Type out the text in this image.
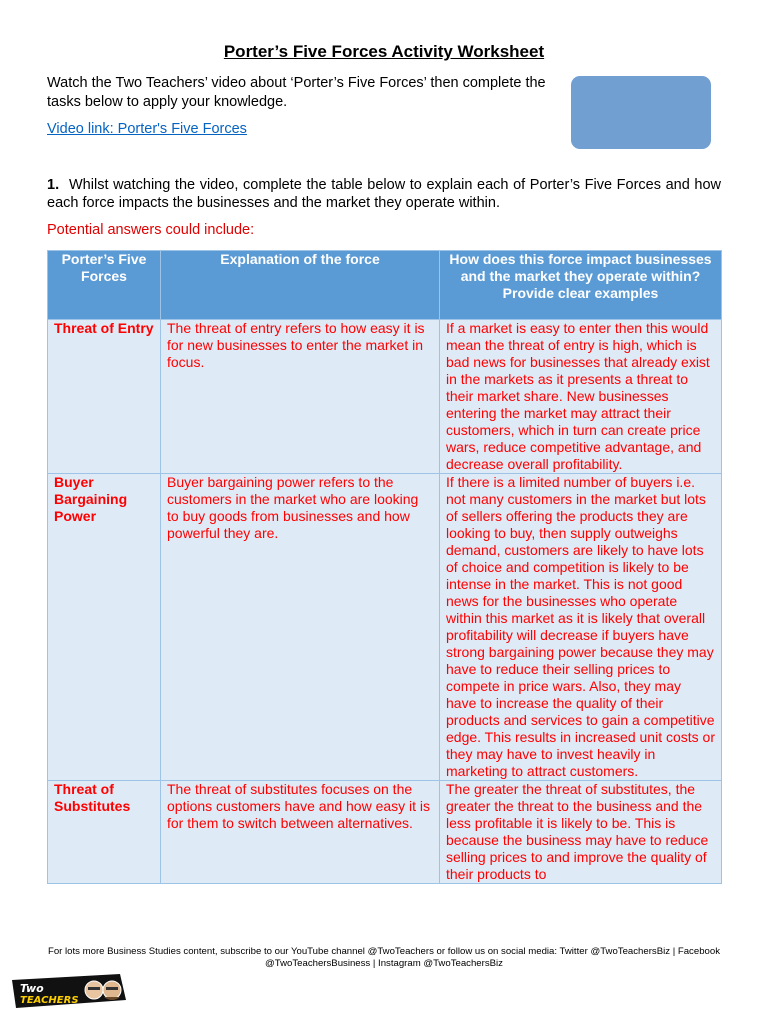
Porter’s Five Forces Activity Worksheet
Watch the Two Teachers’ video about ‘Porter’s Five Forces’ then complete the tasks below to apply your knowledge.
Video link: Porter's Five Forces
1. Whilst watching the video, complete the table below to explain each of Porter’s Five Forces and how each force impacts the businesses and the market they operate within.
Potential answers could include:
Porter’s Five Forces	Explanation of the force	How does this force impact businesses and the market they operate within? Provide clear examples
Threat of Entry	The threat of entry refers to how easy it is for new businesses to enter the market in focus.	If a market is easy to enter then this would mean the threat of entry is high, which is bad news for businesses that already exist in the markets as it presents a threat to their market share. New businesses entering the market may attract their customers, which in turn can create price wars, reduce competitive advantage, and decrease overall profitability.
Buyer Bargaining Power	Buyer bargaining power refers to the customers in the market who are looking to buy goods from businesses and how powerful they are.	If there is a limited number of buyers i.e. not many customers in the market but lots of sellers offering the products they are looking to buy, then supply outweighs demand, customers are likely to have lots of choice and competition is likely to be intense in the market. This is not good news for the businesses who operate within this market as it is likely that overall profitability will decrease if buyers have strong bargaining power because they may have to reduce their selling prices to compete in price wars. Also, they may have to increase the quality of their products and services to gain a competitive edge. This results in increased unit costs or they may have to invest heavily in marketing to attract customers.
Threat of Substitutes	The threat of substitutes focuses on the options customers have and how easy it is for them to switch between alternatives.	The greater the threat of substitutes, the greater the threat to the business and the less profitable it is likely to be. This is because the business may have to reduce selling prices to and improve the quality of their products to
For lots more Business Studies content, subscribe to our YouTube channel @TwoTeachers or follow us on social media: Twitter @TwoTeachersBiz | Facebook @TwoTeachersBusiness | Instagram @TwoTeachersBiz
Two
TEACHERS
